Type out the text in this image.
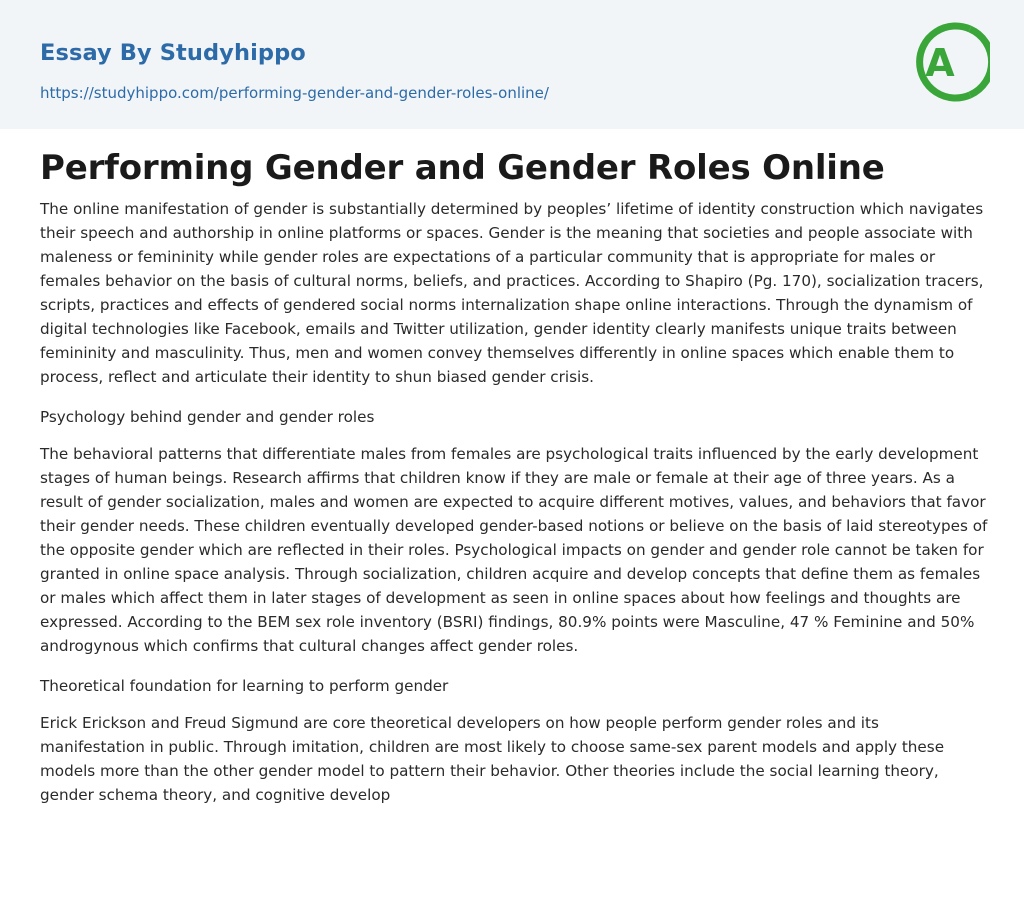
Essay By Studyhippo
https://studyhippo.com/performing-gender-and-gender-roles-online/
A
Performing Gender and Gender Roles Online

The online manifestation of gender is substantially determined by peoples’ lifetime of identity construction which navigates their speech and authorship in online platforms or spaces. Gender is the meaning that societies and people associate with maleness or femininity while gender roles are expectations of a particular community that is appropriate for males or females behavior on the basis of cultural norms, beliefs, and practices. According to Shapiro (Pg. 170), socialization tracers, scripts, practices and effects of gendered social norms internalization shape online interactions. Through the dynamism of digital technologies like Facebook, emails and Twitter utilization, gender identity clearly manifests unique traits between femininity and masculinity. Thus, men and women convey themselves differently in online spaces which enable them to process, reflect and articulate their identity to shun biased gender crisis.

Psychology behind gender and gender roles

The behavioral patterns that differentiate males from females are psychological traits influenced by the early development stages of human beings. Research affirms that children know if they are male or female at their age of three years. As a result of gender socialization, males and women are expected to acquire different motives, values, and behaviors that favor their gender needs. These children eventually developed gender-based notions or believe on the basis of laid stereotypes of the opposite gender which are reflected in their roles. Psychological impacts on gender and gender role cannot be taken for granted in online space analysis. Through socialization, children acquire and develop concepts that define them as females or males which affect them in later stages of development as seen in online spaces about how feelings and thoughts are expressed. According to the BEM sex role inventory (BSRI) findings, 80.9% points were Masculine, 47 % Feminine and 50% androgynous which confirms that cultural changes affect gender roles.

Theoretical foundation for learning to perform gender

Erick Erickson and Freud Sigmund are core theoretical developers on how people perform gender roles and its manifestation in public. Through imitation, children are most likely to choose same-sex parent models and apply these models more than the other gender model to pattern their behavior. Other theories include the social learning theory, gender schema theory, and cognitive develop
